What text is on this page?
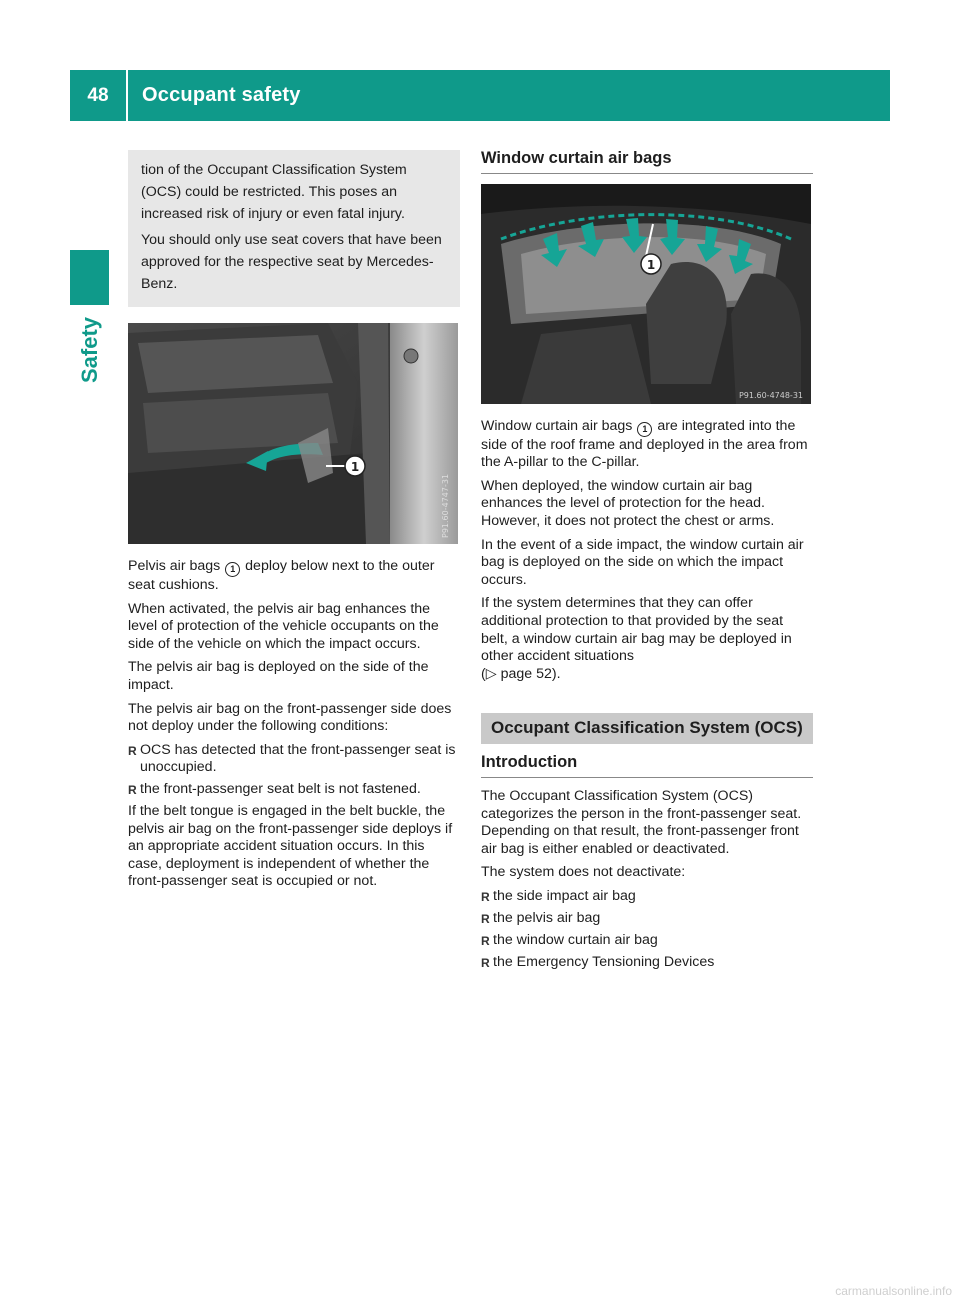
48	Occupant safety
Safety

tion of the Occupant Classification System (OCS) could be restricted. This poses an increased risk of injury or even fatal injury.

You should only use seat covers that have been approved for the respective seat by Mercedes-Benz.

1
P91.60-4747-31

Pelvis air bags 1 deploy below next to the outer seat cushions.

When activated, the pelvis air bag enhances the level of protection of the vehicle occupants on the side of the vehicle on which the impact occurs.

The pelvis air bag is deployed on the side of the impact.

The pelvis air bag on the front-passenger side does not deploy under the following conditions:

R OCS has detected that the front-passenger seat is unoccupied.
R the front-passenger seat belt is not fastened.

If the belt tongue is engaged in the belt buckle, the pelvis air bag on the front-passenger side deploys if an appropriate accident situation occurs. In this case, deployment is independent of whether the front-passenger seat is occupied or not.

Window curtain air bags
1
P91.60-4748-31

Window curtain air bags 1 are integrated into the side of the roof frame and deployed in the area from the A-pillar to the C-pillar.

When deployed, the window curtain air bag enhances the level of protection for the head. However, it does not protect the chest or arms.

In the event of a side impact, the window curtain air bag is deployed on the side on which the impact occurs.

If the system determines that they can offer additional protection to that provided by the seat belt, a window curtain air bag may be deployed in other accident situations
(▷ page 52).

Occupant Classification System (OCS)
Introduction

The Occupant Classification System (OCS) categorizes the person in the front-passenger seat. Depending on that result, the front-passenger front air bag is either enabled or deactivated.

The system does not deactivate:

R the side impact air bag
R the pelvis air bag
R the window curtain air bag
R the Emergency Tensioning Devices
carmanualsonline.info
